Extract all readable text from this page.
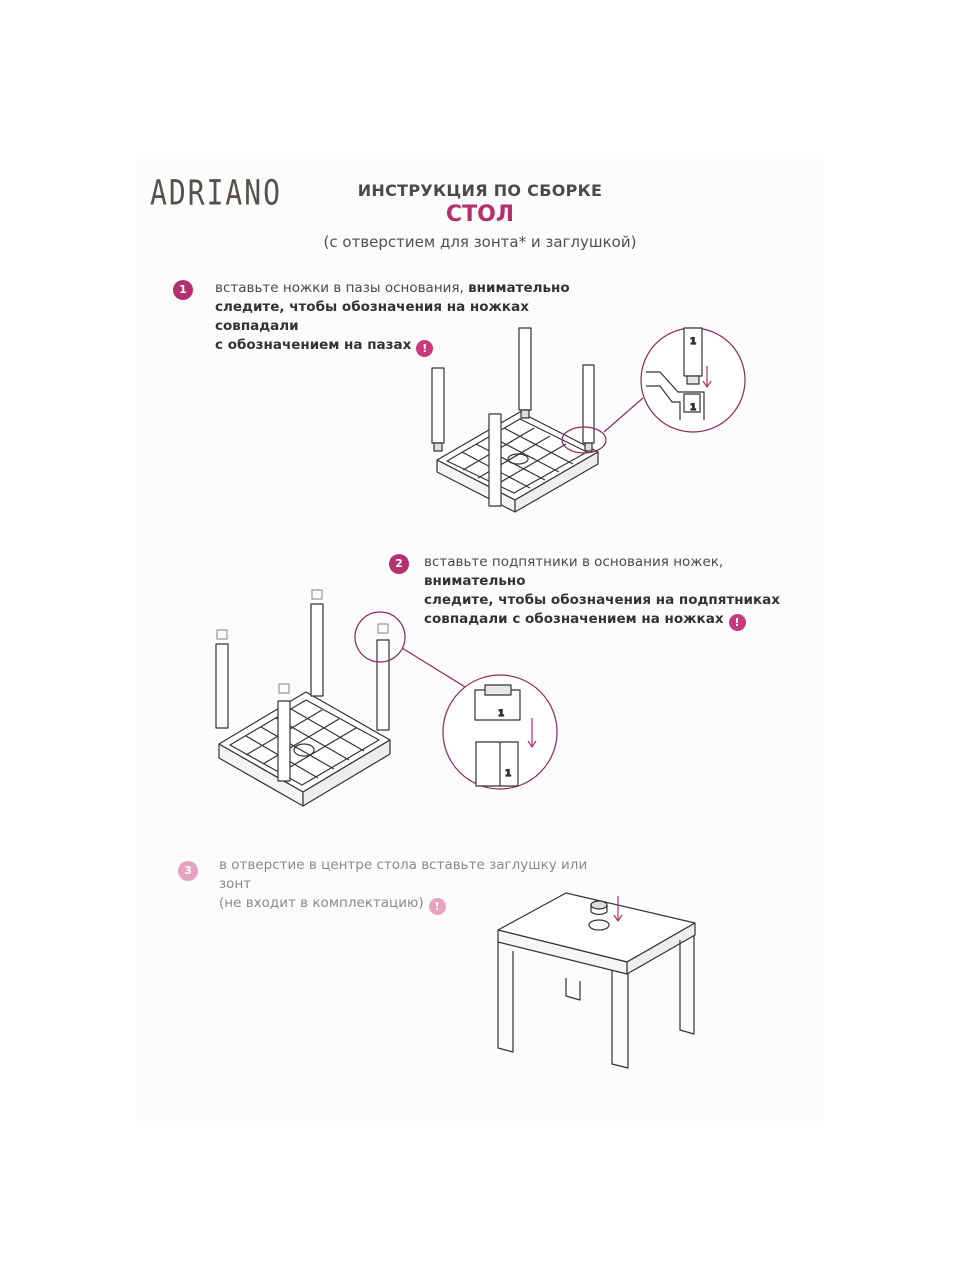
ADRIANO	ИНСТРУКЦИЯ ПО СБОРКЕ
СТОЛ
(с отверстием для зонта* и заглушкой)
1	вставьте ножки в пазы основания, внимательно
следите, чтобы обозначения на ножках совпадали
с обозначением на пазах !
2	вставьте подпятники в основания ножек, внимательно
следите, чтобы обозначения на подпятниках
совпадали с обозначением на ножках !
3	в отверстие в центре стола вставьте заглушку или зонт
(не входит в комплектацию) !
1
1
1
1
